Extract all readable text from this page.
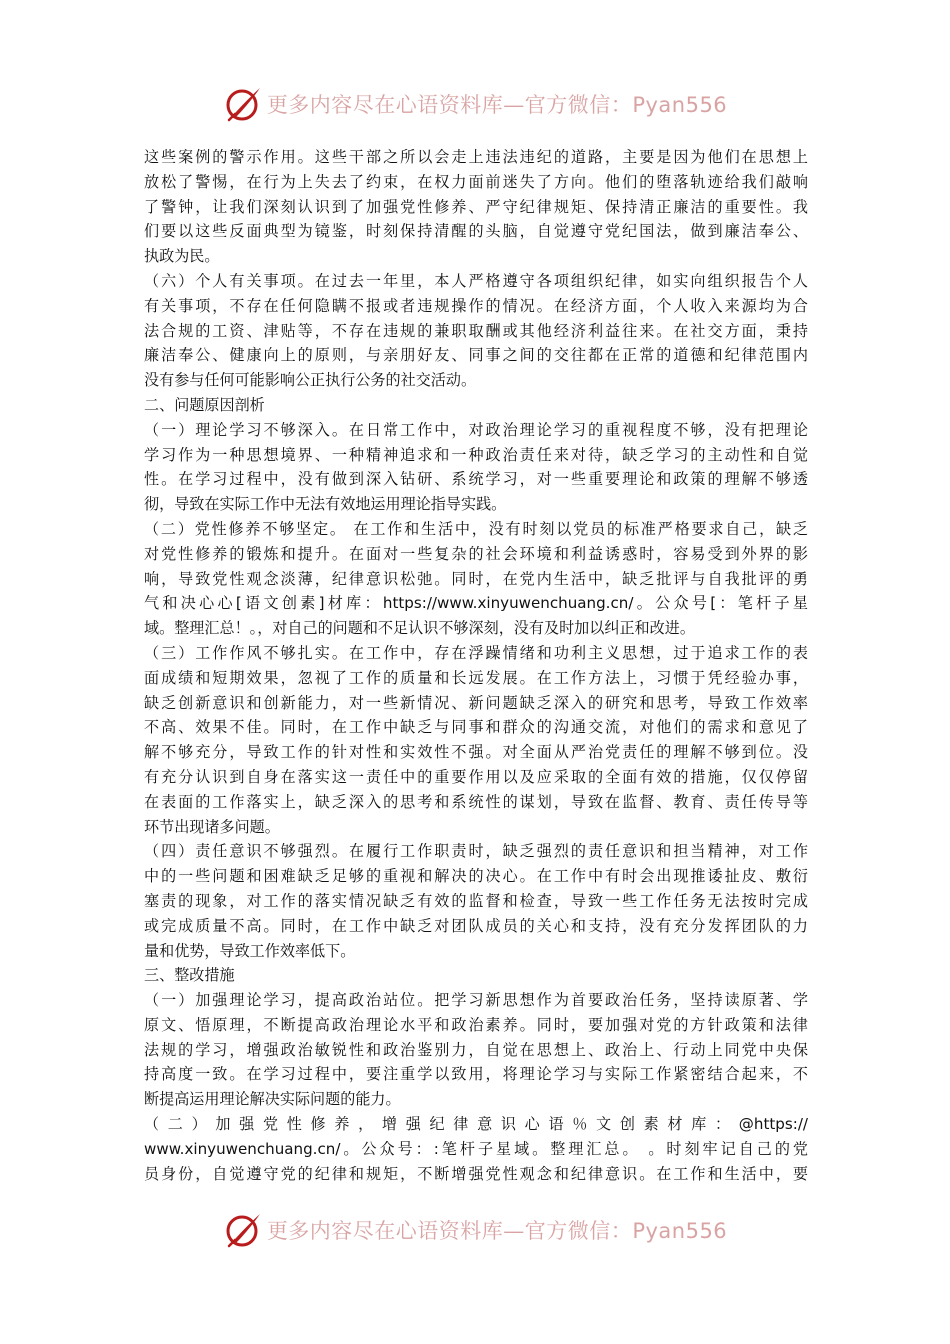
更多内容尽在心语资料库—官方微信：Pyan556
这些案例的警示作用。这些干部之所以会走上违法违纪的道路，主要是因为他们在思想上
放松了警惕，在行为上失去了约束，在权力面前迷失了方向。他们的堕落轨迹给我们敲响
了警钟，让我们深刻认识到了加强党性修养、严守纪律规矩、保持清正廉洁的重要性。我
们要以这些反面典型为镜鉴，时刻保持清醒的头脑，自觉遵守党纪国法，做到廉洁奉公、
执政为民。
（六）个人有关事项。在过去一年里，本人严格遵守各项组织纪律，如实向组织报告个人
有关事项，不存在任何隐瞒不报或者违规操作的情况。在经济方面，个人收入来源均为合
法合规的工资、津贴等，不存在违规的兼职取酬或其他经济利益往来。在社交方面，秉持
廉洁奉公、健康向上的原则，与亲朋好友、同事之间的交往都在正常的道德和纪律范围内
没有参与任何可能影响公正执行公务的社交活动。
二、问题原因剖析
（一）理论学习不够深入。在日常工作中，对政治理论学习的重视程度不够，没有把理论
学习作为一种思想境界、一种精神追求和一种政治责任来对待，缺乏学习的主动性和自觉
性。在学习过程中，没有做到深入钻研、系统学习，对一些重要理论和政策的理解不够透
彻，导致在实际工作中无法有效地运用理论指导实践。
（二）党性修养不够坚定。 在工作和生活中，没有时刻以党员的标准严格要求自己，缺乏
对党性修养的锻炼和提升。在面对一些复杂的社会环境和利益诱惑时，容易受到外界的影
响，导致党性观念淡薄，纪律意识松弛。同时，在党内生活中，缺乏批评与自我批评的勇
气和决心心[语文创素]材库：https://www.xinyuwenchuang.cn/。公众号[：笔杆子星
域。整理汇总！。，对自己的问题和不足认识不够深刻，没有及时加以纠正和改进。
（三）工作作风不够扎实。在工作中，存在浮躁情绪和功利主义思想，过于追求工作的表
面成绩和短期效果，忽视了工作的质量和长远发展。在工作方法上，习惯于凭经验办事，
缺乏创新意识和创新能力，对一些新情况、新问题缺乏深入的研究和思考，导致工作效率
不高、效果不佳。同时，在工作中缺乏与同事和群众的沟通交流，对他们的需求和意见了
解不够充分，导致工作的针对性和实效性不强。对全面从严治党责任的理解不够到位。没
有充分认识到自身在落实这一责任中的重要作用以及应采取的全面有效的措施，仅仅停留
在表面的工作落实上，缺乏深入的思考和系统性的谋划，导致在监督、教育、责任传导等
环节出现诸多问题。
（四）责任意识不够强烈。在履行工作职责时，缺乏强烈的责任意识和担当精神，对工作
中的一些问题和困难缺乏足够的重视和解决的决心。在工作中有时会出现推诿扯皮、敷衍
塞责的现象，对工作的落实情况缺乏有效的监督和检查，导致一些工作任务无法按时完成
或完成质量不高。同时，在工作中缺乏对团队成员的关心和支持，没有充分发挥团队的力
量和优势，导致工作效率低下。
三、整改措施
（一）加强理论学习，提高政治站位。把学习新思想作为首要政治任务，坚持读原著、学
原文、悟原理，不断提高政治理论水平和政治素养。同时，要加强对党的方针政策和法律
法规的学习，增强政治敏锐性和政治鉴别力，自觉在思想上、政治上、行动上同党中央保
持高度一致。在学习过程中，要注重学以致用，将理论学习与实际工作紧密结合起来，不
断提高运用理论解决实际问题的能力。
（二）加强党性修养，增强纪律意识心语％文创素材库：@https://
www.xinyuwenchuang.cn/。公众号：:笔杆子星域。整理汇总。 。时刻牢记自己的党
员身份，自觉遵守党的纪律和规矩，不断增强党性观念和纪律意识。在工作和生活中，要
更多内容尽在心语资料库—官方微信：Pyan556
